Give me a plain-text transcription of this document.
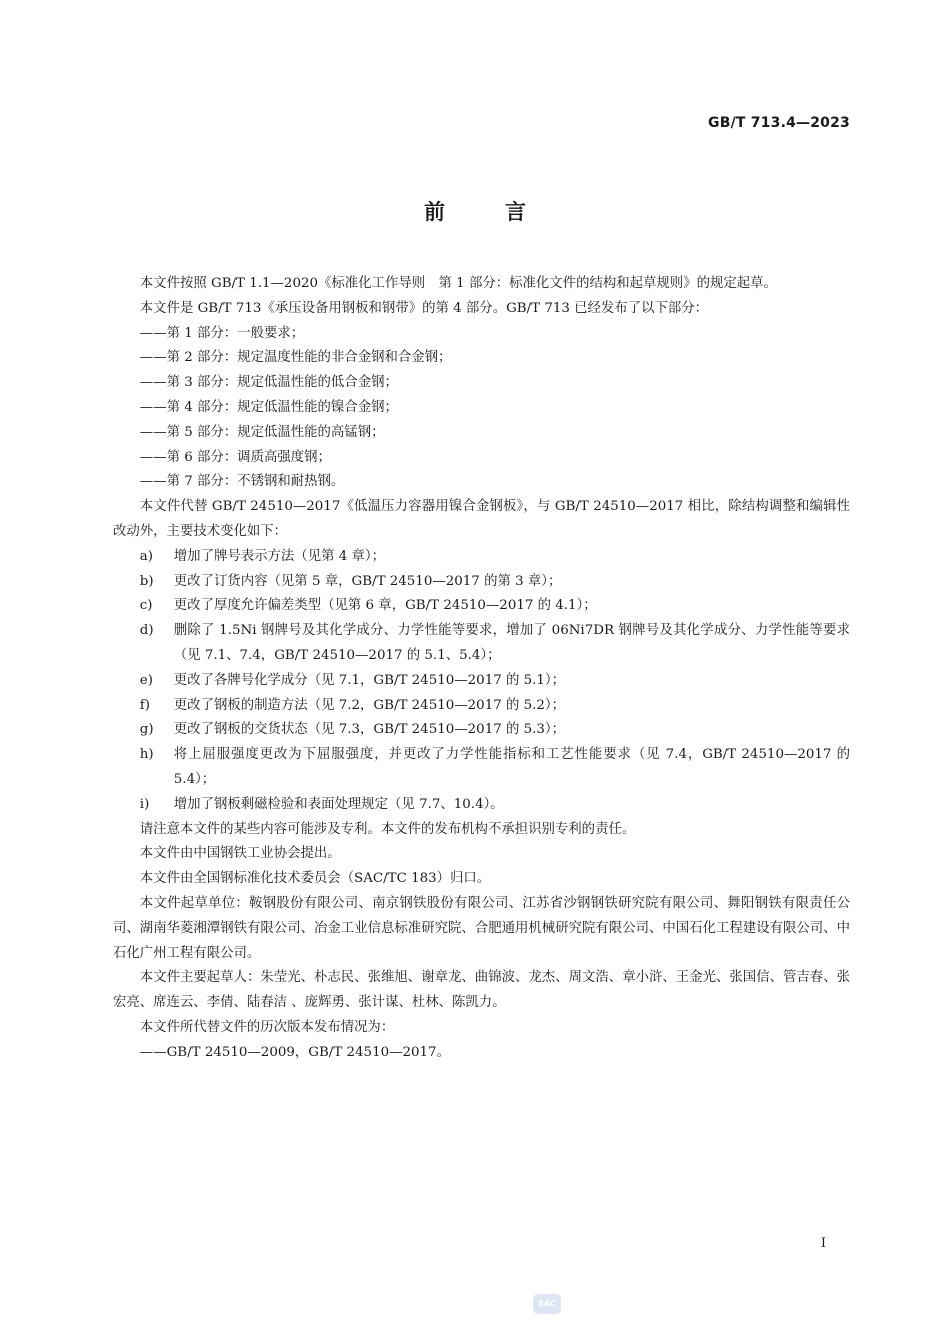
GB/T 713.4—2023
前言

本文件按照 GB/T 1.1—2020《标准化工作导则　第 1 部分：标准化文件的结构和起草规则》的规定起草。

本文件是 GB/T 713《承压设备用钢板和钢带》的第 4 部分。GB/T 713 已经发布了以下部分：

——第 1 部分：一般要求；

——第 2 部分：规定温度性能的非合金钢和合金钢；

——第 3 部分：规定低温性能的低合金钢；

——第 4 部分：规定低温性能的镍合金钢；

——第 5 部分：规定低温性能的高锰钢；

——第 6 部分：调质高强度钢；

——第 7 部分：不锈钢和耐热钢。

本文件代替 GB/T 24510—2017《低温压力容器用镍合金钢板》，与 GB/T 24510—2017 相比，除结构调整和编辑性改动外，主要技术变化如下：

a)	增加了牌号表示方法（见第 4 章）；
b)	更改了订货内容（见第 5 章，GB/T 24510—2017 的第 3 章）；
c)	更改了厚度允许偏差类型（见第 6 章，GB/T 24510—2017 的 4.1）；
d)	删除了 1.5Ni 钢牌号及其化学成分、力学性能等要求，增加了 06Ni7DR 钢牌号及其化学成分、力学性能等要求（见 7.1、7.4，GB/T 24510—2017 的 5.1、5.4）；
e)	更改了各牌号化学成分（见 7.1，GB/T 24510—2017 的 5.1）；
f)	更改了钢板的制造方法（见 7.2，GB/T 24510—2017 的 5.2）；
g)	更改了钢板的交货状态（见 7.3，GB/T 24510—2017 的 5.3）；
h)	将上屈服强度更改为下屈服强度，并更改了力学性能指标和工艺性能要求（见 7.4，GB/T 24510—2017 的 5.4）；
i)	增加了钢板剩磁检验和表面处理规定（见 7.7、10.4）。

请注意本文件的某些内容可能涉及专利。本文件的发布机构不承担识别专利的责任。

本文件由中国钢铁工业协会提出。

本文件由全国钢标准化技术委员会（SAC/TC 183）归口。

本文件起草单位：鞍钢股份有限公司、南京钢铁股份有限公司、江苏省沙钢钢铁研究院有限公司、舞阳钢铁有限责任公司、湖南华菱湘潭钢铁有限公司、冶金工业信息标准研究院、合肥通用机械研究院有限公司、中国石化工程建设有限公司、中石化广州工程有限公司。

本文件主要起草人：朱莹光、朴志民、张维旭、谢章龙、曲锦波、龙杰、周文浩、章小浒、王金光、张国信、管吉春、张宏亮、席连云、李倩、陆春洁 、庞辉勇、张计谋、杜林、陈凯力。

本文件所代替文件的历次版本发布情况为：

——GB/T 24510—2009，GB/T 24510—2017。

I
SAC
